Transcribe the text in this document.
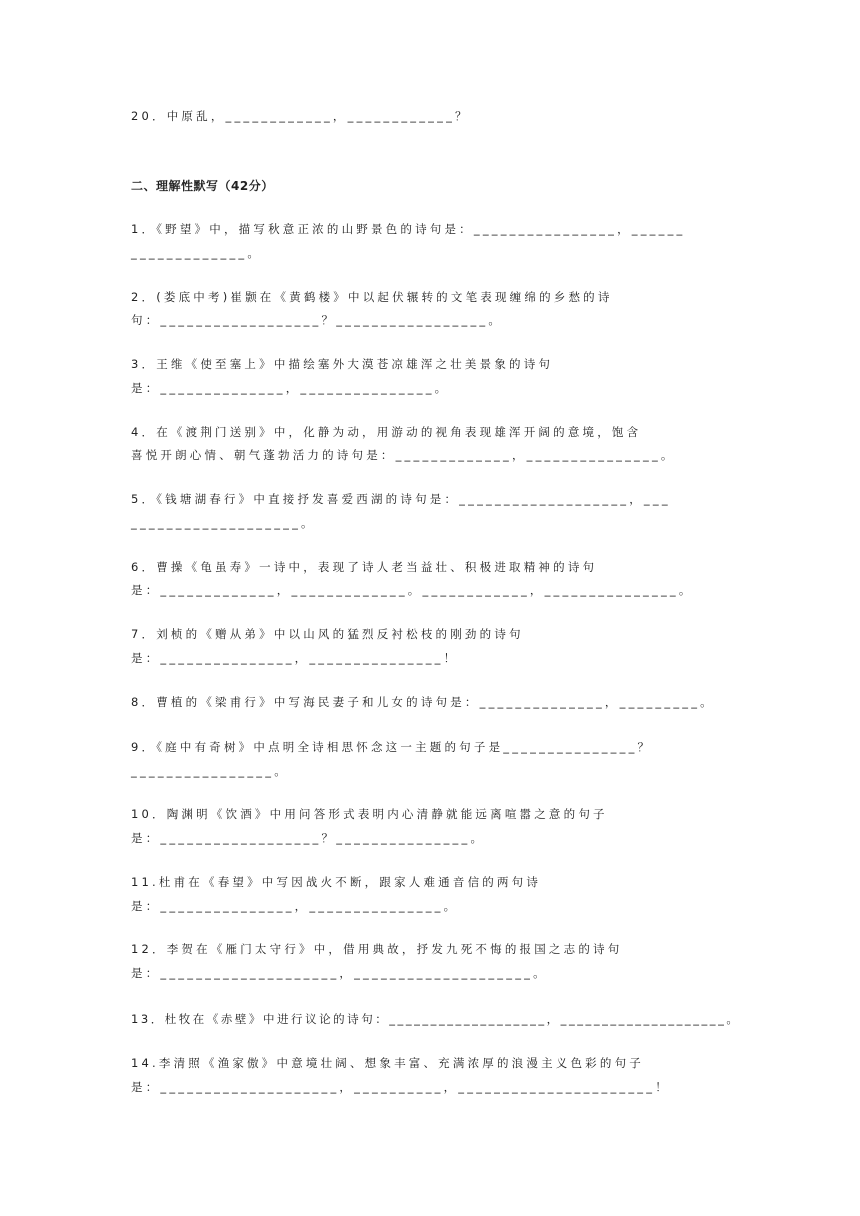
20．中原乱，____________，____________？
二、理解性默写（42分）
1．《野望》中，描写秋意正浓的山野景色的诗句是：________________，______
_____________。
2．(娄底中考)崔颢在《黄鹤楼》中以起伏辗转的文笔表现缠绵的乡愁的诗
句：__________________？_________________。
3．王维《使至塞上》中描绘塞外大漠苍凉雄浑之壮美景象的诗句
是：______________，_______________。
4．在《渡荆门送别》中，化静为动，用游动的视角表现雄浑开阔的意境，饱含
喜悦开朗心情、朝气蓬勃活力的诗句是：_____________，_______________。
5．《钱塘湖春行》中直接抒发喜爱西湖的诗句是：___________________，___
___________________。
6．曹操《龟虽寿》一诗中，表现了诗人老当益壮、积极进取精神的诗句
是：_____________，_____________。____________，_______________。
7．刘桢的《赠从弟》中以山风的猛烈反衬松枝的刚劲的诗句
是：_______________，_______________！
8．曹植的《梁甫行》中写海民妻子和儿女的诗句是：______________，_________。
9．《庭中有奇树》中点明全诗相思怀念这一主题的句子是_______________？
________________。
10．陶渊明《饮酒》中用问答形式表明内心清静就能远离喧嚣之意的句子
是：__________________？_______________。
11.杜甫在《春望》中写因战火不断，跟家人难通音信的两句诗
是：_______________，_______________。
12．李贺在《雁门太守行》中，借用典故，抒发九死不悔的报国之志的诗句
是：____________________，____________________。
13．杜牧在《赤壁》中进行议论的诗句：___________________，____________________。
14.李清照《渔家傲》中意境壮阔、想象丰富、充满浓厚的浪漫主义色彩的句子
是：____________________，__________，______________________！
